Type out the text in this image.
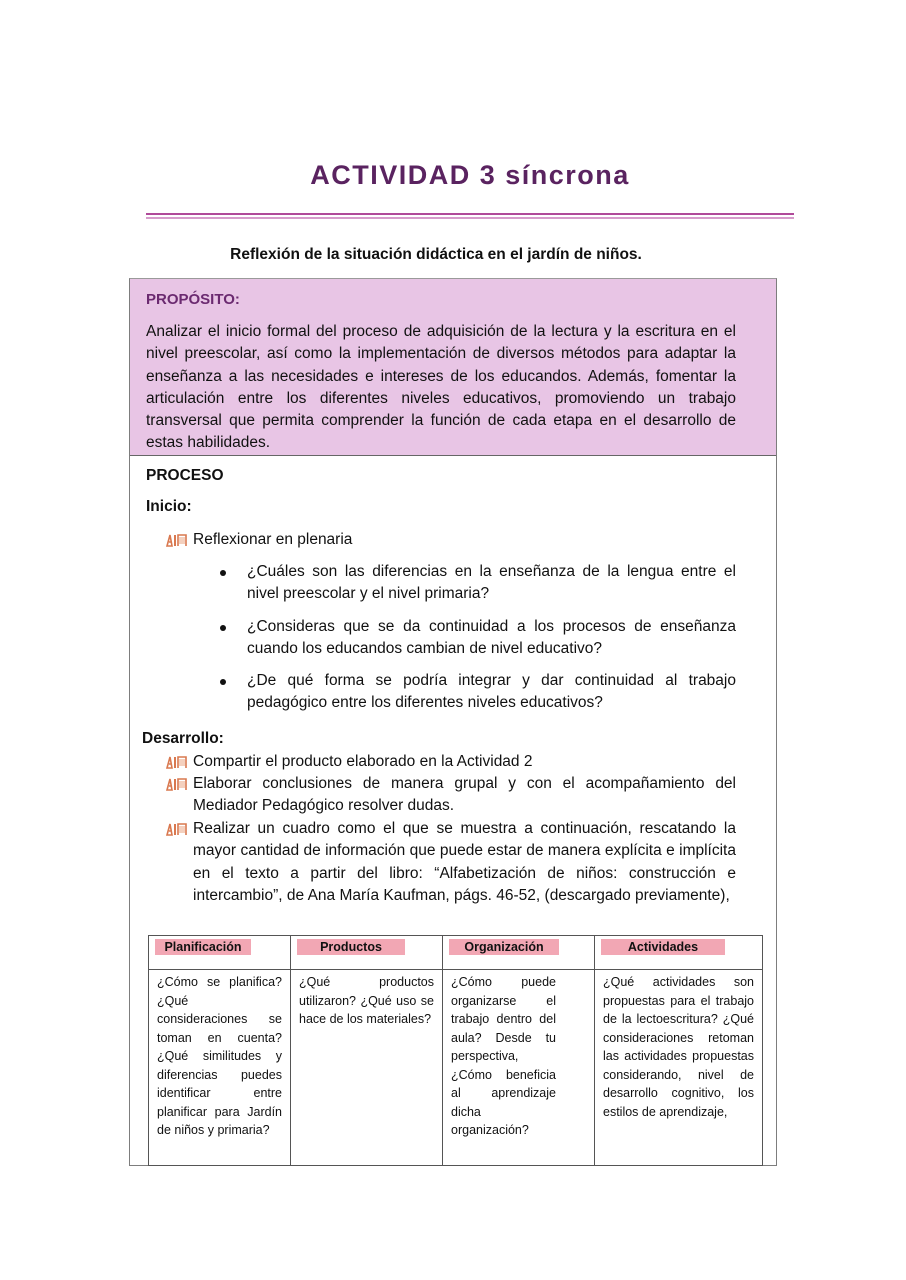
ACTIVIDAD 3 síncrona

Reflexión de la situación didáctica en el jardín de niños.

PROPÓSITO:

Analizar el inicio formal del proceso de adquisición de la lectura y la escritura en el nivel preescolar, así como la implementación de diversos métodos para adaptar la enseñanza a las necesidades e intereses de los educandos. Además, fomentar la articulación entre los diferentes niveles educativos, promoviendo un trabajo transversal que permita comprender la función de cada etapa en el desarrollo de estas habilidades.

PROCESO

Inicio:

Reflexionar en plenaria
¿Cuáles son las diferencias en la enseñanza de la lengua entre el nivel preescolar y el nivel primaria?
¿Consideras que se da continuidad a los procesos de enseñanza cuando los educandos cambian de nivel educativo?
¿De qué forma se podría integrar y dar continuidad al trabajo pedagógico entre los diferentes niveles educativos?

Desarrollo:

Compartir el producto elaborado en la Actividad 2
Elaborar conclusiones de manera grupal y con el acompañamiento del Mediador Pedagógico resolver dudas.
Realizar un cuadro como el que se muestra a continuación, rescatando la mayor cantidad de información que puede estar de manera explícita e implícita en el texto a partir del libro: “Alfabetización de niños: construcción e intercambio”, de Ana María Kaufman, págs. 46-52, (descargado previamente),
Planificación	Productos	Organización	Actividades

¿Cómo se planifica? ¿Qué consideraciones se toman en cuenta? ¿Qué similitudes y diferencias puedes identificar entre planificar para Jardín de niños y primaria?	¿Qué productos utilizaron? ¿Qué uso se hace de los materiales?	¿Cómo puede organizarse el trabajo dentro del aula? Desde tu perspectiva, ¿Cómo beneficia al aprendizaje dicha organización?	¿Qué actividades son propuestas para el trabajo de la lectoescritura? ¿Qué consideraciones retoman las actividades propuestas considerando, nivel de desarrollo cognitivo, los estilos de aprendizaje,
